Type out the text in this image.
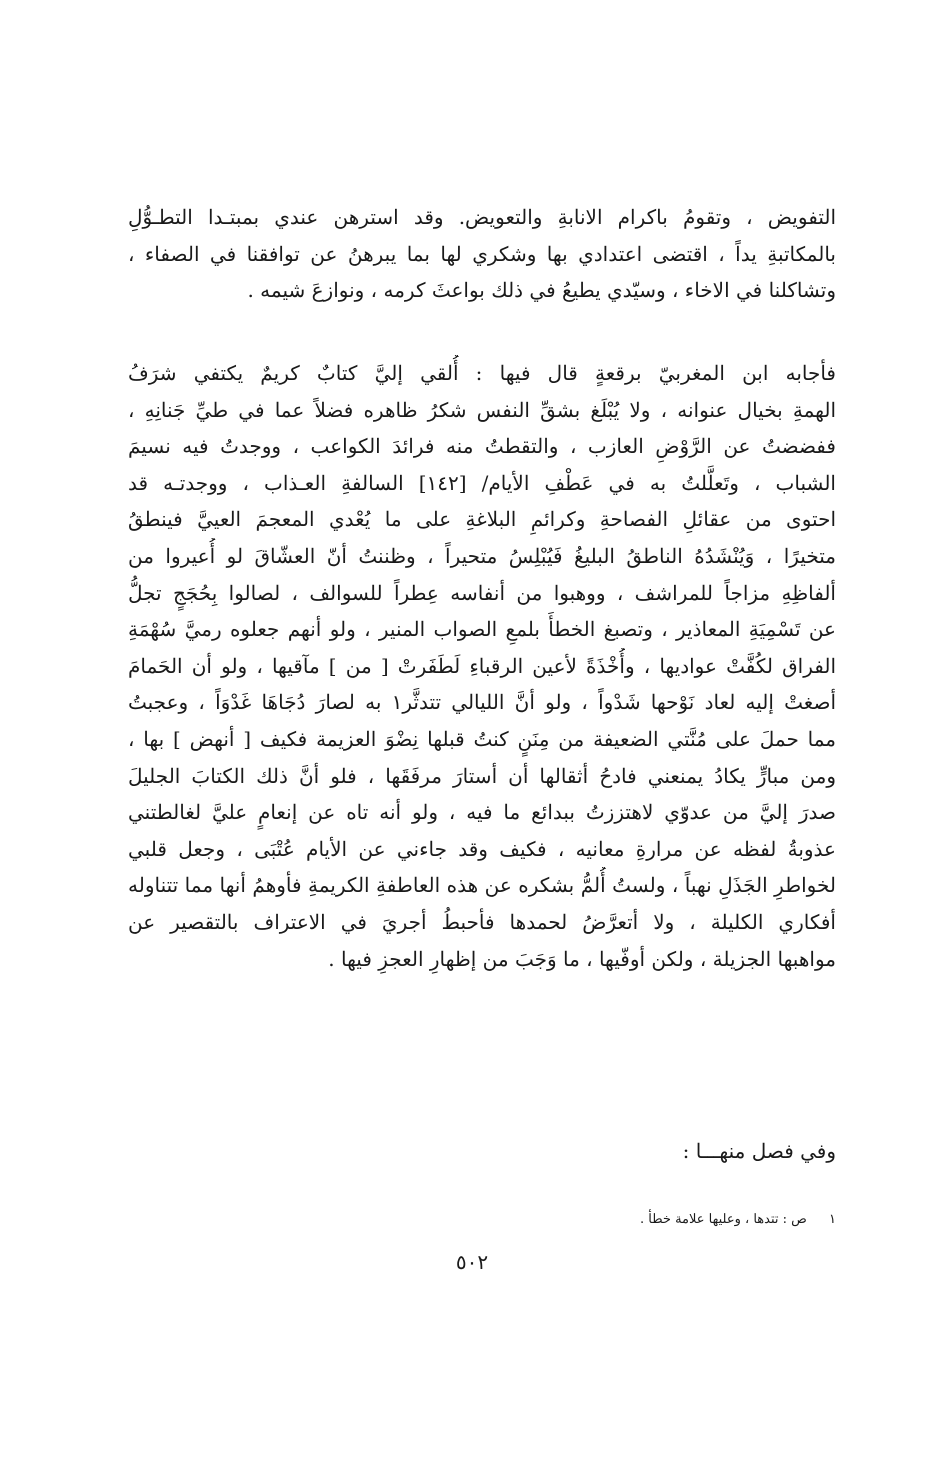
التفويض ، وتقومُ باكرام الانابةِ والتعويض. وقد استرهن عندي بمبتـدا التطـوُّلِ
بالمكاتبةِ يداً ، اقتضى اعتدادي بها وشكري لها بما يبرهنُ عن توافقنا في الصفاء ،
وتشاكلنا في الاخاء ، وسيّدي يطيعُ في ذلك بواعثَ كرمه ، ونوازعَ شيمه .
فأجابه ابن المغربيّ برقعةٍ قال فيها : أُلقي إليَّ كتابٌ كريمٌ يكتفي شرَفُ
الهمةِ بخيال عنوانه ، ولا يُبْلَغ بشقِّ النفس شكرُ ظاهره فضلاً عما في طيِّ جَنانِهِ ،
ففضضتُ عن الرَّوْضِ العازب ، والتقطتُ منه فرائدَ الكواعب ، ووجدتُ فيه نسيمَ
الشباب ، وتَعلَّلتُ به في عَطْفِ الأيام/ [١٤٢] السالفةِ العـذاب ، ووجدتـه قد
احتوى من عقائلِ الفصاحةِ وكرائمِ البلاغةِ على ما يُعْدي المعجمَ العييَّ فينطقُ
متخيرًا ، وَيُنْشَدُهُ الناطقُ البليغُ فَيُبْلِسُ متحيراً ، وظننتُ أنّ العشّاقَ لو أُعيروا من
ألفاظِهِ مزاجاً للمراشف ، ووهبوا من أنفاسه عِطراً للسوالف ، لصالوا بِحُجَجٍ تجلُّ
عن تَسْمِيَةِ المعاذير ، وتصبغ الخطأَ بلمعِ الصواب المنير ، ولو أنهم جعلوه رميَّ سُهْمَةِ
الفراق لكُفَّتْ عواديها ، وأُخْذَةً لأعين الرقباءِ لَطَفَرتْ [ من ] مآقيها ، ولو أن الحَمامَ
أصغتْ إليه لعاد نَوْحها شَدْواً ، ولو أنَّ الليالي تتدثَّر١ به لصارَ دُجَاهَا غَدْوَاً ، وعجبتُ
مما حملَ على مُنَّتي الضعيفة من مِنَنٍ كنتُ قبلها نِضْوَ العزيمة فكيف [ أنهض ] بها ،
ومن مبارٍّ يكادُ يمنعني فادحُ أثقالها أن أستارَ مرفَقَها ، فلو أنَّ ذلك الكتابَ الجليلَ
صدرَ إليَّ من عدوّي لاهتززتُ ببدائع ما فيه ، ولو أنه تاه عن إنعامٍ عليَّ لغالطتني
عذوبةُ لفظه عن مرارةِ معانيه ، فكيف وقد جاءني عن الأيام عُتْبَى ، وجعل قلبي
لخواطرِ الجَذَلِ نهباً ، ولستُ أُلمُّ بشكره عن هذه العاطفةِ الكريمةِ فأوهمُ أنها مما تتناوله
أفكاري الكليلة ، ولا أتعرَّضُ لحمدها فأحبطُ أجريَ في الاعتراف بالتقصير عن
مواهبها الجزيلة ، ولكن أوفّيها ، ما وَجَبَ من إظهارِ العجزِ فيها .
وفي فصل منهـــا :
١ ص : تتدها ، وعليها علامة خطأ .
٥٠٢
